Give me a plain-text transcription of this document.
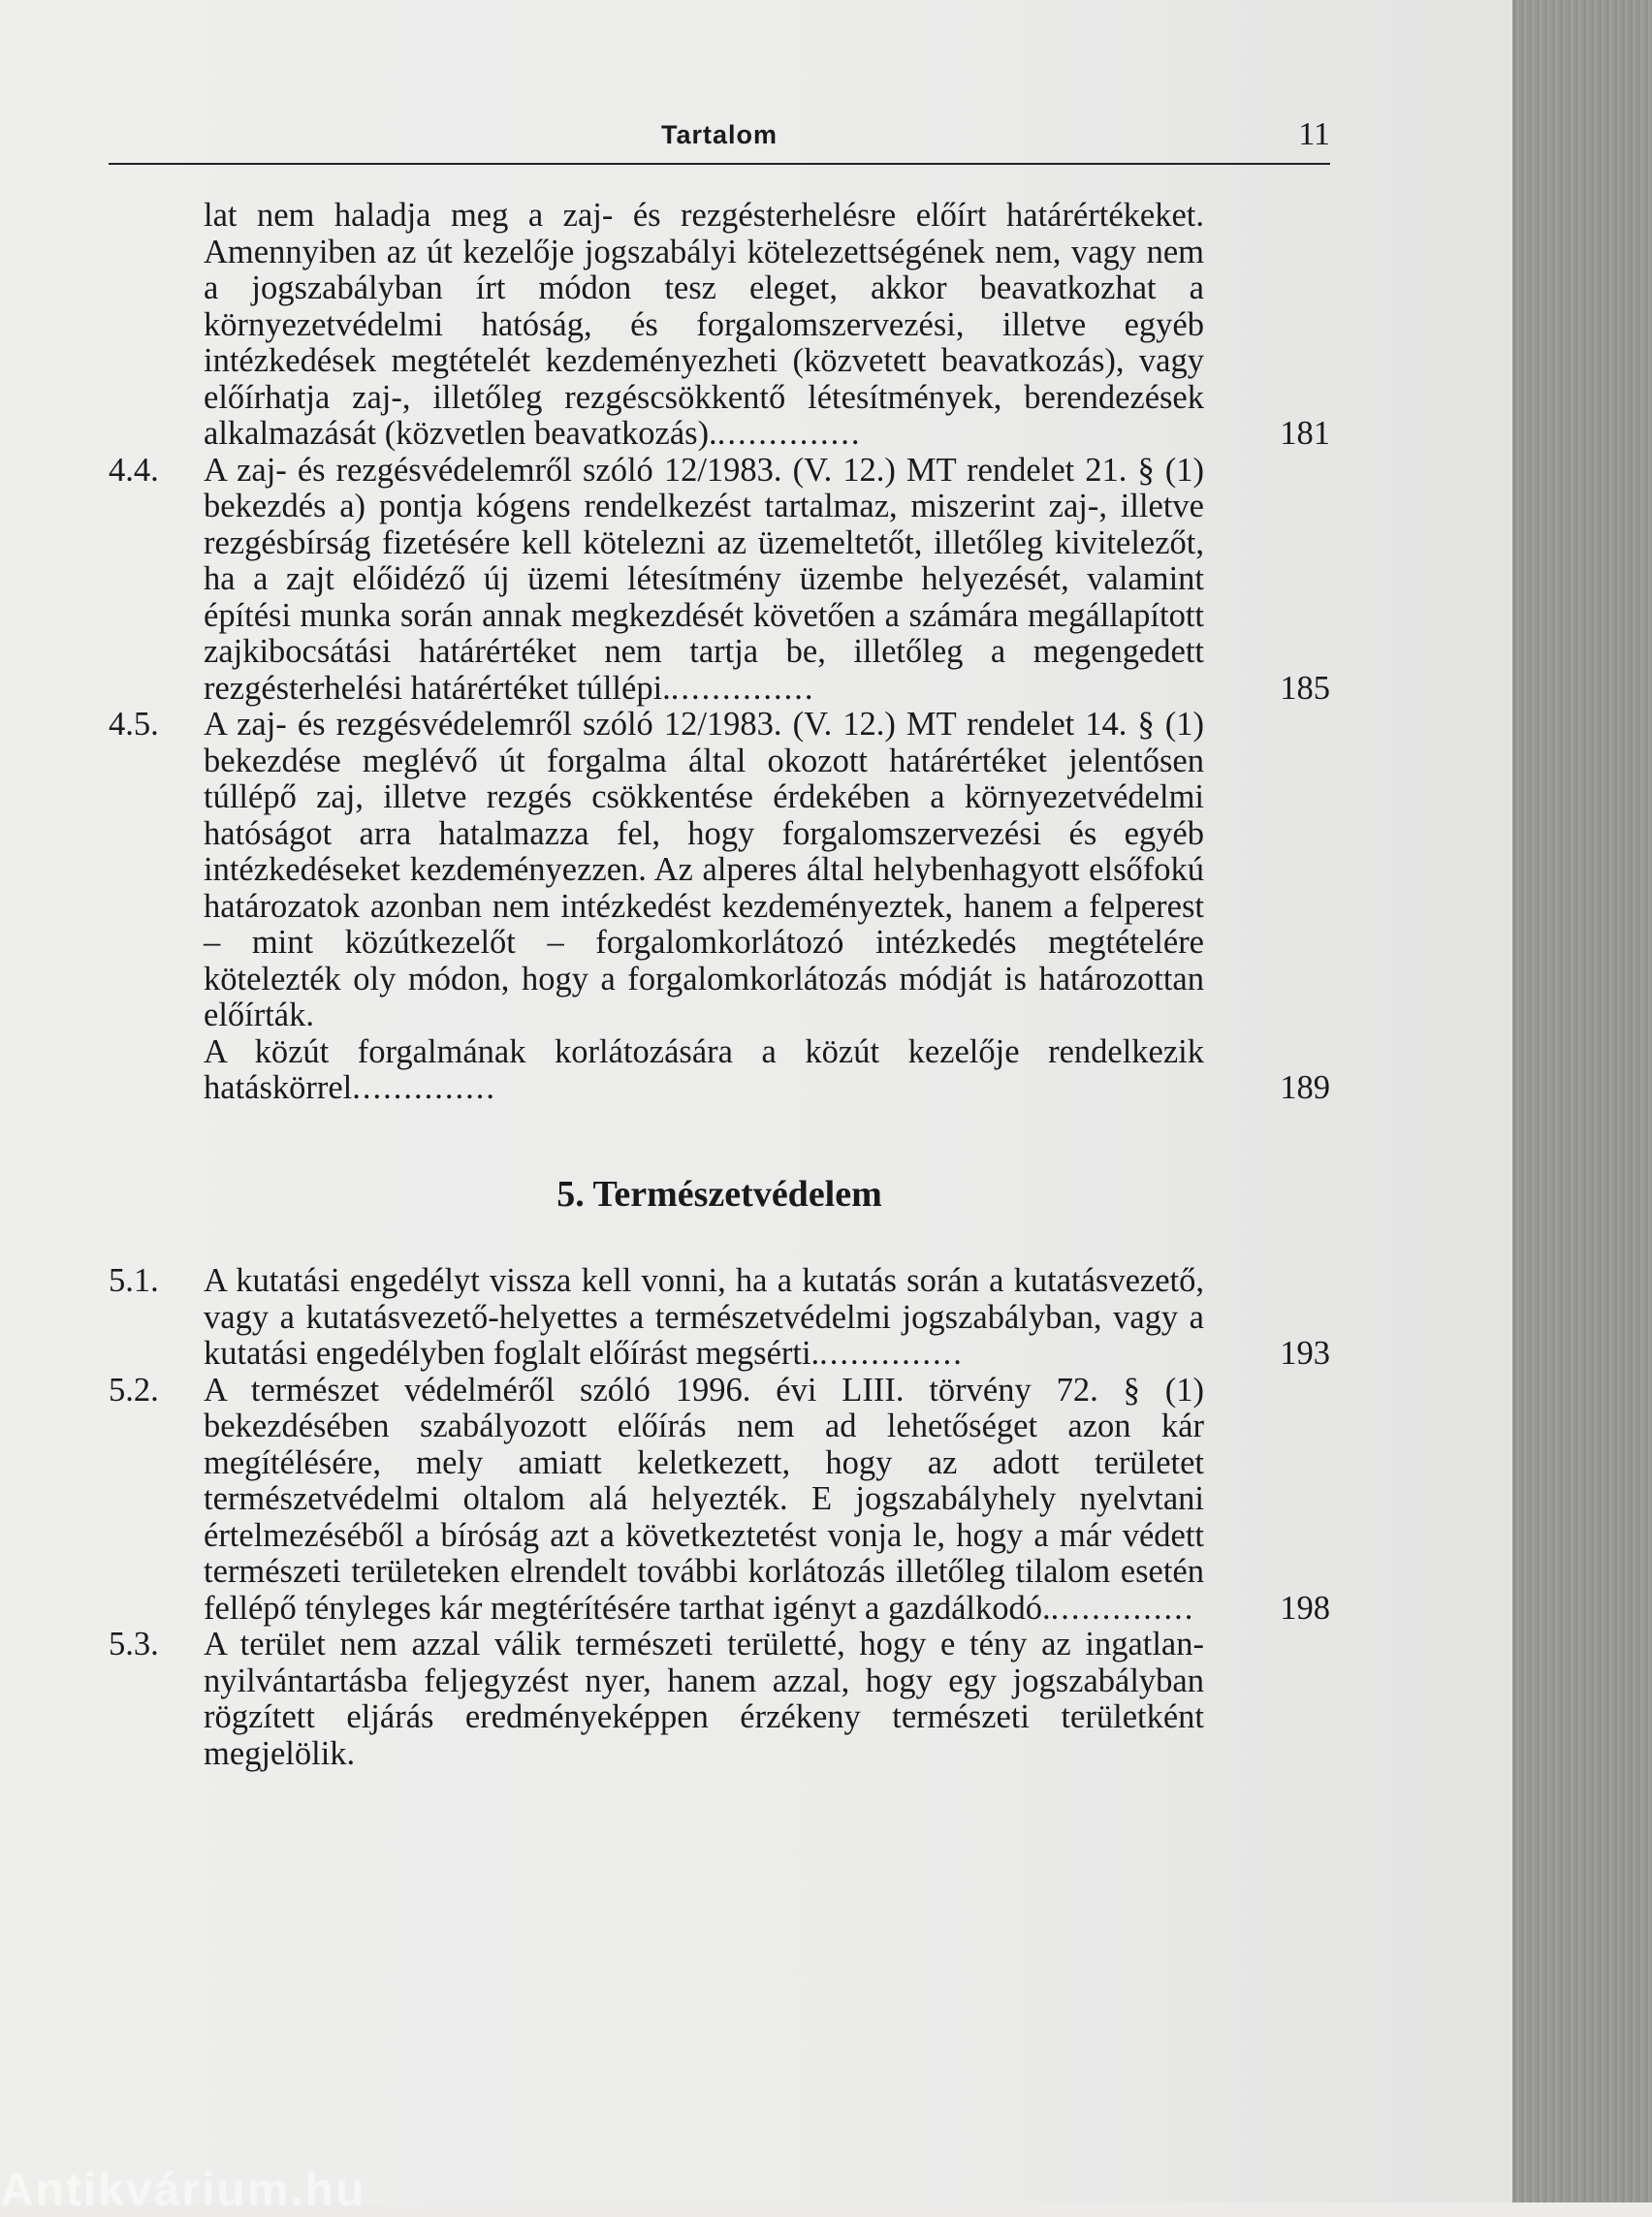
Tartalom	11
lat nem haladja meg a zaj- és rezgésterhelésre előírt határértékeket. Amennyiben az út kezelője jogszabályi kötelezettségének nem, vagy nem a jogszabályban írt módon tesz eleget, akkor beavatkozhat a környezetvédelmi hatóság, és forgalomszervezési, illetve egyéb intézkedések megtételét kezdeményezheti (közvetett beavatkozás), vagy előírhatja zaj-, illetőleg rezgéscsökkentő létesítmények, berendezések alkalmazását (közvetlen beavatkozás)...............	181
4.4. A zaj- és rezgésvédelemről szóló 12/1983. (V. 12.) MT rendelet 21. § (1) bekezdés a) pontja kógens rendelkezést tartalmaz, miszerint zaj-, illetve rezgésbírság fizetésére kell kötelezni az üzemeltetőt, illetőleg kivitelezőt, ha a zajt előidéző új üzemi létesítmény üzembe helyezését, valamint építési munka során annak megkezdését követően a számára megállapított zajkibocsátási határértéket nem tartja be, illetőleg a megengedett rezgésterhelési határértéket túllépi...............	185
4.5. A zaj- és rezgésvédelemről szóló 12/1983. (V. 12.) MT rendelet 14. § (1) bekezdése meglévő út forgalma által okozott határértéket jelentősen túllépő zaj, illetve rezgés csökkentése érdekében a környezetvédelmi hatóságot arra hatalmazza fel, hogy forgalomszervezési és egyéb intézkedéseket kezdeményezzen. Az alperes által helybenhagyott elsőfokú határozatok azonban nem intézkedést kezdeményeztek, hanem a felperest – mint közútkezelőt – forgalomkorlátozó intézkedés megtételére kötelezték oly módon, hogy a forgalomkorlátozás módját is határozottan előírták.
A közút forgalmának korlátozására a közút kezelője rendelkezik hatáskörrel..............	189
5. Természetvédelem
5.1. A kutatási engedélyt vissza kell vonni, ha a kutatás során a kutatásvezető, vagy a kutatásvezető-helyettes a természetvédelmi jogszabályban, vagy a kutatási engedélyben foglalt előírást megsérti...............	193
5.2. A természet védelméről szóló 1996. évi LIII. törvény 72. § (1) bekezdésében szabályozott előírás nem ad lehetőséget azon kár megítélésére, mely amiatt keletkezett, hogy az adott területet természetvédelmi oltalom alá helyezték. E jogszabályhely nyelvtani értelmezéséből a bíróság azt a következtetést vonja le, hogy a már védett természeti területeken elrendelt további korlátozás illetőleg tilalom esetén fellépő tényleges kár megtérítésére tarthat igényt a gazdálkodó...............	198
5.3. A terület nem azzal válik természeti területté, hogy e tény az ingatlan-nyilvántartásba feljegyzést nyer, hanem azzal, hogy egy jogszabályban rögzített eljárás eredményeképpen érzékeny természeti területként megjelölik.
Antikvárium.hu
